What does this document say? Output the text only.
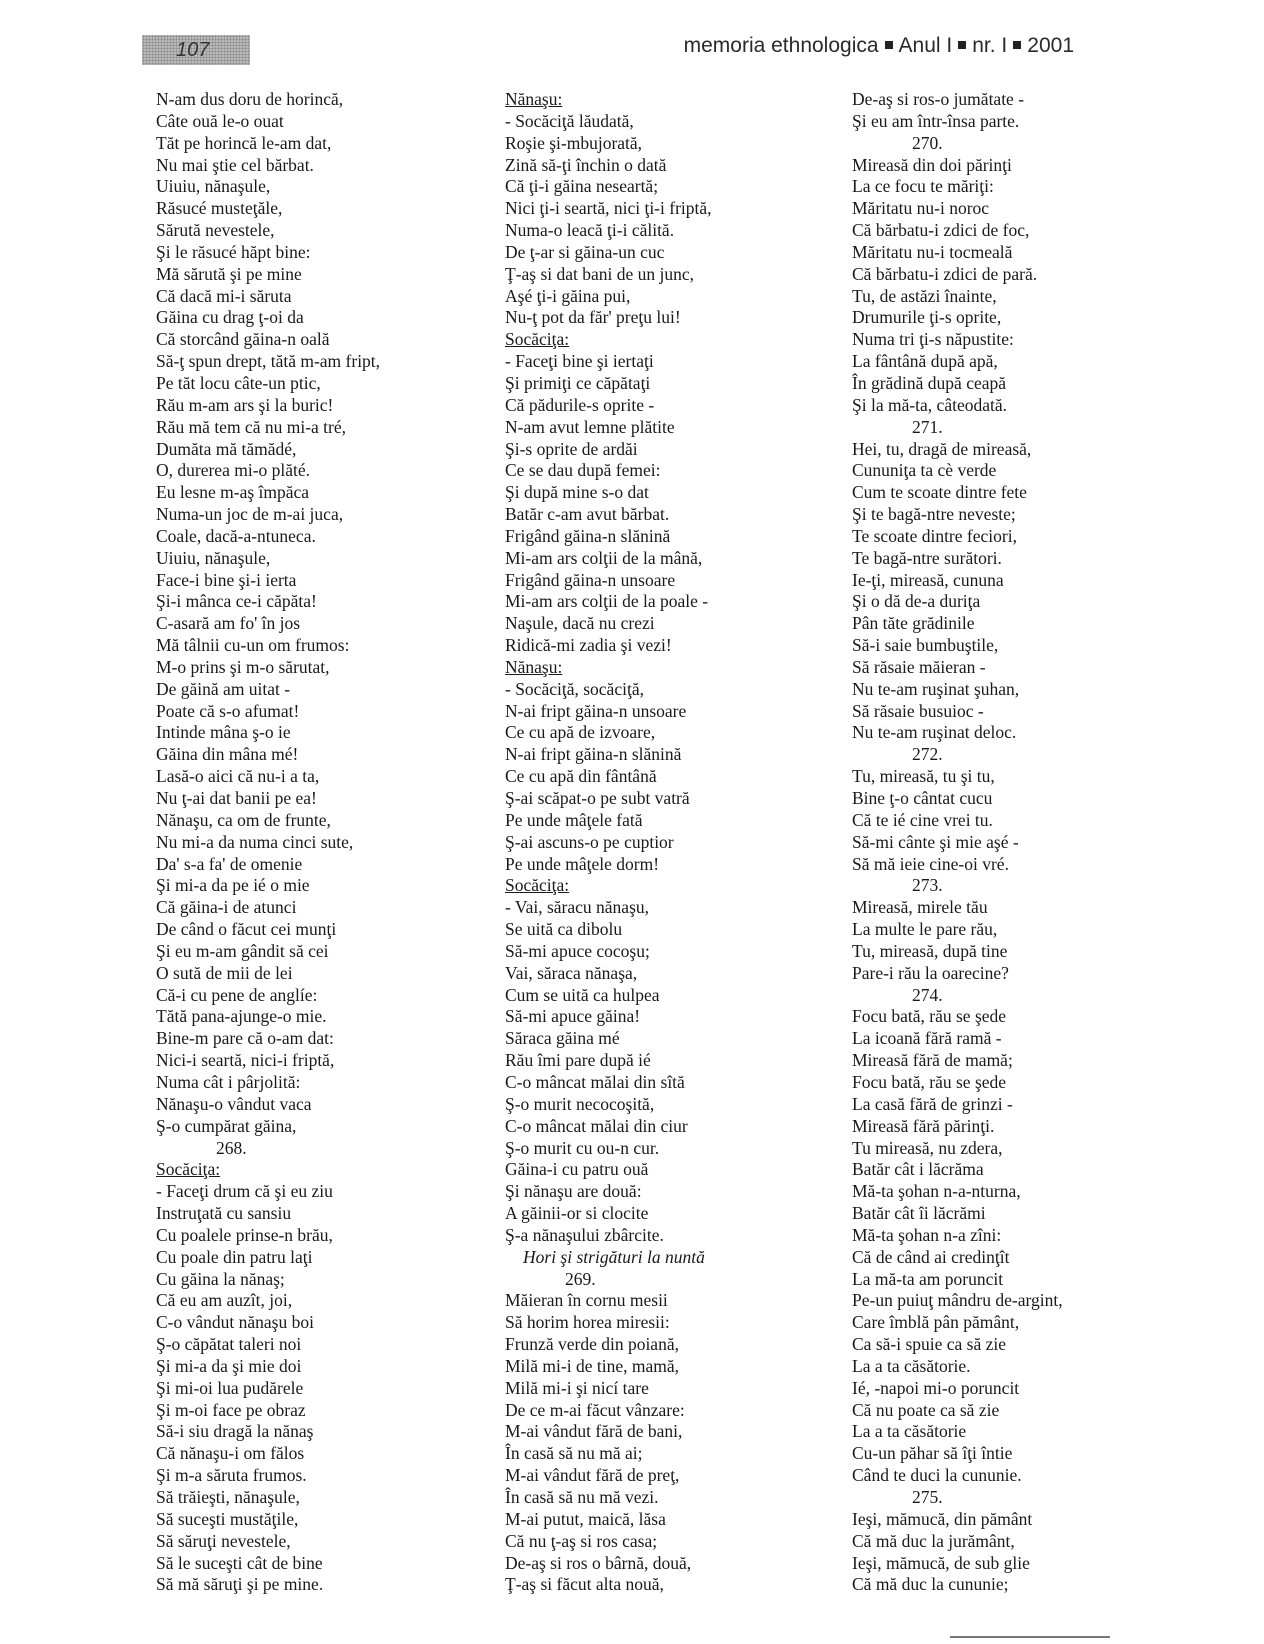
107	memoria ethnologica Anul I nr. I 2001
N-am dus doru de horincă,
Câte ouă le-o ouat
Tăt pe horincă le-am dat,
Nu mai ştie cel bărbat.
Uiuiu, nănaşule,
Răsucé musteţăle,
Sărută nevestele,
Şi le răsucé hăpt bine:
Mă sărută şi pe mine
Că dacă mi-i săruta
Găina cu drag ţ-oi da
Că storcând găina-n oală
Să-ţ spun drept, tătă m-am fript,
Pe tăt locu câte-un ptic,
Rău m-am ars şi la buric!
Rău mă tem că nu mi-a tré,
Dumăta mă tămădé,
O, durerea mi-o plăté.
Eu lesne m-aş împăca
Numa-un joc de m-ai juca,
Coale, dacă-a-ntuneca.
Uiuiu, nănaşule,
Face-i bine şi-i ierta
Şi-i mânca ce-i căpăta!
C-asară am fo' în jos
Mă tâlnii cu-un om frumos:
M-o prins şi m-o sărutat,
De găină am uitat -
Poate că s-o afumat!
Intinde mâna ş-o ie
Găina din mâna mé!
Lasă-o aici că nu-i a ta,
Nu ţ-ai dat banii pe ea!
Nănaşu, ca om de frunte,
Nu mi-a da numa cinci sute,
Da' s-a fa' de omenie
Şi mi-a da pe ié o mie
Că găina-i de atunci
De când o făcut cei munţi
Şi eu m-am gândit să cei
O sută de mii de lei
Că-i cu pene de anglíe:
Tătă pana-ajunge-o mie.
Bine-m pare că o-am dat:
Nici-i seartă, nici-i friptă,
Numa cât i pârjolită:
Nănaşu-o vândut vaca
Ş-o cumpărat găina,
268.
Socăciţa:
- Faceţi drum că şi eu ziu
Instruţată cu sansiu
Cu poalele prinse-n brău,
Cu poale din patru laţi
Cu găina la nănaş;
Că eu am auzît, joi,
C-o vândut nănaşu boi
Ş-o căpătat taleri noi
Şi mi-a da şi mie doi
Şi mi-oi lua pudărele
Şi m-oi face pe obraz
Să-i siu dragă la nănaş
Că nănaşu-i om fălos
Şi m-a săruta frumos.
Să trăieşti, nănaşule,
Să suceşti mustăţile,
Să săruţi nevestele,
Să le suceşti cât de bine
Să mă săruţi şi pe mine.
Nănaşu:
- Socăciţă lăudată,
Roşie şi-mbujorată,
Zină să-ţi închin o dată
Că ţi-i găina neseartă;
Nici ţi-i seartă, nici ţi-i friptă,
Numa-o leacă ţi-i călită.
De ţ-ar si găina-un cuc
Ţ-aş si dat bani de un junc,
Aşé ţi-i găina pui,
Nu-ţ pot da făr' preţu lui!
Socăciţa:
- Faceţi bine şi iertaţi
Şi primiţi ce căpătaţi
Că pădurile-s oprite -
N-am avut lemne plătite
Şi-s oprite de ardăi
Ce se dau după femei:
Şi după mine s-o dat
Batăr c-am avut bărbat.
Frigând găina-n slănină
Mi-am ars colţii de la mână,
Frigând găina-n unsoare
Mi-am ars colţii de la poale -
Naşule, dacă nu crezi
Ridică-mi zadia şi vezi!
Nănaşu:
- Socăciţă, socăciţă,
N-ai fript găina-n unsoare
Ce cu apă de izvoare,
N-ai fript găina-n slănină
Ce cu apă din fântână
Ş-ai scăpat-o pe subt vatră
Pe unde mâţele fată
Ş-ai ascuns-o pe cuptior
Pe unde mâţele dorm!
Socăciţa:
- Vai, săracu nănaşu,
Se uită ca dibolu
Să-mi apuce cocoşu;
Vai, săraca nănaşa,
Cum se uită ca hulpea
Să-mi apuce găina!
Săraca găina mé
Rău îmi pare după ié
C-o mâncat mălai din sîtă
Ş-o murit necocoşită,
C-o mâncat mălai din ciur
Ş-o murit cu ou-n cur.
Găina-i cu patru ouă
Şi nănaşu are două:
A găinii-or si clocite
Ş-a nănaşului zbârcite.
Hori şi strigături la nuntă
269.
Măieran în cornu mesii
Să horim horea miresii:
Frunză verde din poiană,
Milă mi-i de tine, mamă,
Milă mi-i şi nicí tare
De ce m-ai făcut vânzare:
M-ai vândut fără de bani,
În casă să nu mă ai;
M-ai vândut fără de preţ,
În casă să nu mă vezi.
M-ai putut, maică, lăsa
Că nu ţ-aş si ros casa;
De-aş si ros o bârnă, două,
Ţ-aş si făcut alta nouă,
De-aş si ros-o jumătate -
Şi eu am într-însa parte.
270.
Mireasă din doi părinţi
La ce focu te măriţi:
Măritatu nu-i noroc
Că bărbatu-i zdici de foc,
Măritatu nu-i tocmeală
Că bărbatu-i zdici de pară.
Tu, de astăzi înainte,
Drumurile ţi-s oprite,
Numa tri ţi-s năpustite:
La fântână după apă,
În grădină după ceapă
Şi la mă-ta, câteodată.
271.
Hei, tu, dragă de mireasă,
Cununiţa ta cè verde
Cum te scoate dintre fete
Şi te bagă-ntre neveste;
Te scoate dintre feciori,
Te bagă-ntre surători.
Ie-ţi, mireasă, cununa
Şi o dă de-a duriţa
Pân tăte grădinile
Să-i saie bumbuştile,
Să răsaie măieran -
Nu te-am ruşinat şuhan,
Să răsaie busuioc -
Nu te-am ruşinat deloc.
272.
Tu, mireasă, tu şi tu,
Bine ţ-o cântat cucu
Că te ié cine vrei tu.
Să-mi cânte şi mie aşé -
Să mă ieie cine-oi vré.
273.
Mireasă, mirele tău
La multe le pare rău,
Tu, mireasă, după tine
Pare-i rău la oarecine?
274.
Focu bată, rău se şede
La icoană fără ramă -
Mireasă fără de mamă;
Focu bată, rău se şede
La casă fără de grinzi -
Mireasă fără părinţi.
Tu mireasă, nu zdera,
Batăr cât i lăcrăma
Mă-ta şohan n-a-nturna,
Batăr cât îi lăcrămi
Mă-ta şohan n-a zîni:
Că de când ai credinţît
La mă-ta am poruncit
Pe-un puiuţ mândru de-argint,
Care îmblă pân pământ,
Ca să-i spuie ca să zie
La a ta căsătorie.
Ié, -napoi mi-o poruncit
Că nu poate ca să zie
La a ta căsătorie
Cu-un păhar să îţi întie
Când te duci la cununie.
275.
Ieşi, mămucă, din pământ
Că mă duc la jurământ,
Ieşi, mămucă, de sub glie
Că mă duc la cununie;
